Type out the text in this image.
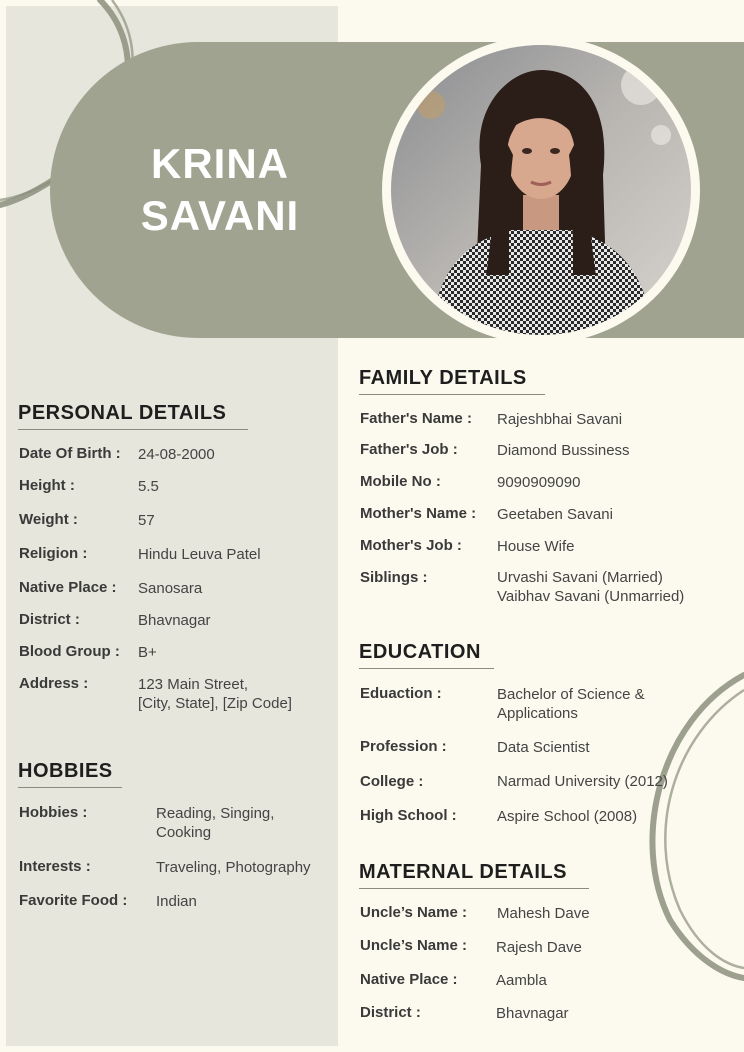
KRINA
SAVANI
PERSONAL DETAILS
HOBBIES
FAMILY DETAILS
EDUCATION
MATERNAL DETAILS
Date Of Birth : 24-08-2000
Height :	5.5
Weight :	57
Religion :	Hindu Leuva Patel
Native Place : Sanosara
District :	Bhavnagar
Blood Group : B+
Address :	123 Main Street,
[City, State], [Zip Code]
Hobbies :	Reading, Singing,
Cooking
Interests :	Traveling, Photography
Favorite Food : Indian
Father's Name : Rajeshbhai Savani
Father's Job :	Diamond Bussiness
Mobile No :	9090909090
Mother's Name : Geetaben Savani
Mother's Job : House Wife
Siblings :	Urvashi Savani (Married)
Vaibhav Savani (Unmarried)
Eduaction :	Bachelor of Science &
Applications
Profession :	Data Scientist
College :	Narmad University (2012)
High School :	Aspire School (2008)
Uncle’s Name : Mahesh Dave
Uncle’s Name : Rajesh Dave
Native Place :	Aambla
District :	Bhavnagar
